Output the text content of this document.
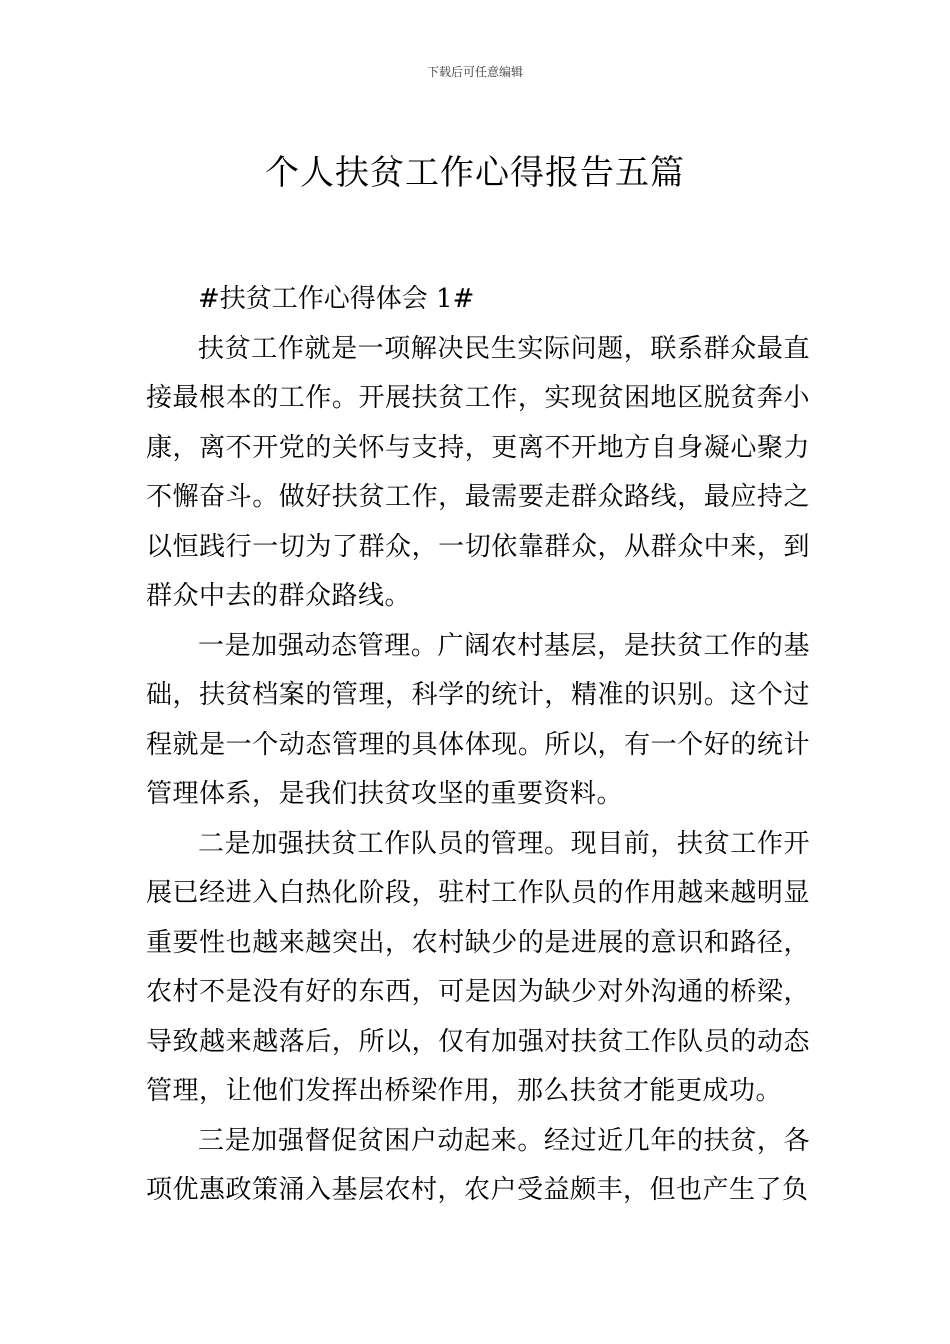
下载后可任意编辑
个人扶贫工作心得报告五篇

#扶贫工作心得体会 1#

扶贫工作就是一项解决民生实际问题，联系群众最直接最根本的工作。开展扶贫工作，实现贫困地区脱贫奔小康，离不开党的关怀与支持，更离不开地方自身凝心聚力不懈奋斗。做好扶贫工作，最需要走群众路线，最应持之以恒践行一切为了群众，一切依靠群众，从群众中来，到群众中去的群众路线。

一是加强动态管理。广阔农村基层，是扶贫工作的基础，扶贫档案的管理，科学的统计，精准的识别。这个过程就是一个动态管理的具体体现。所以，有一个好的统计管理体系，是我们扶贫攻坚的重要资料。

二是加强扶贫工作队员的管理。现目前，扶贫工作开展已经进入白热化阶段，驻村工作队员的作用越来越明显重要性也越来越突出，农村缺少的是进展的意识和路径，农村不是没有好的东西，可是因为缺少对外沟通的桥梁，导致越来越落后，所以，仅有加强对扶贫工作队员的动态管理，让他们发挥出桥梁作用，那么扶贫才能更成功。

三是加强督促贫困户动起来。经过近几年的扶贫，各项优惠政策涌入基层农村，农户受益颇丰，但也产生了负
